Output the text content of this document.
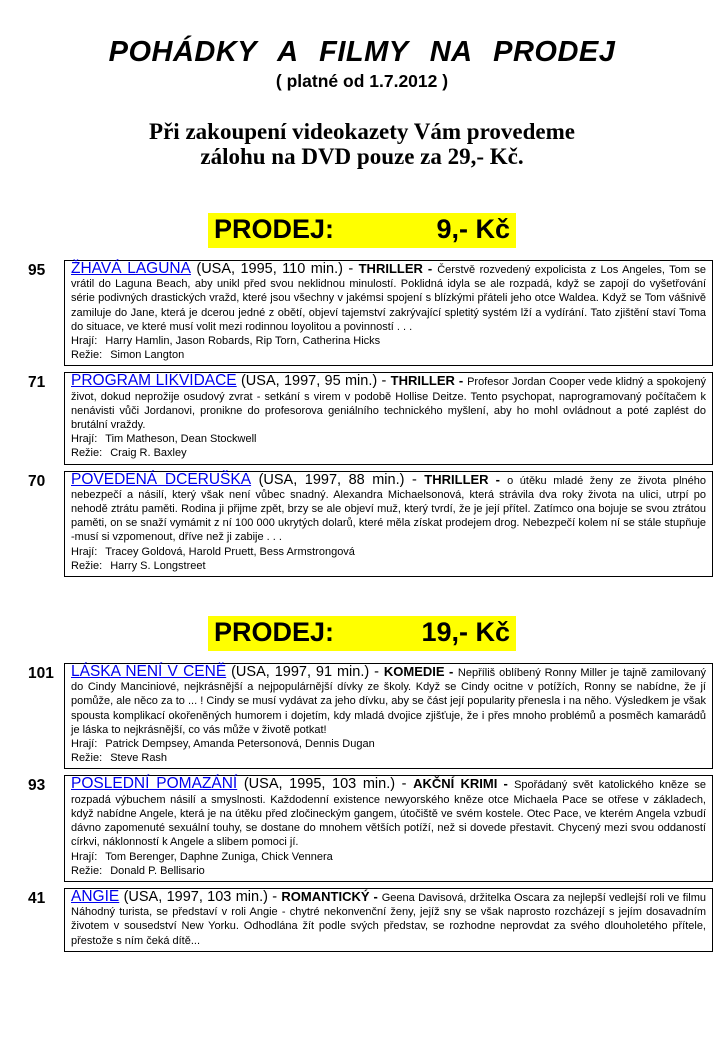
POHÁDKY A FILMY NA PRODEJ
( platné od 1.7.2012 )
Při zakoupení videokazety Vám provedeme
zálohu na DVD pouze za 29,- Kč.
PRODEJ:	9,- Kč
95	ŽHAVÁ LAGUNA (USA, 1995, 110 min.) - THRILLER - Čerstvě rozvedený expolicista z Los Angeles, Tom se vrátil do Laguna Beach, aby unikl před svou neklidnou minulostí. Poklidná idyla se ale rozpadá, když se zapojí do vyšetřování série podivných drastických vražd, které jsou všechny v jakémsi spojení s blízkými přáteli jeho otce Waldea. Když se Tom vášnivě zamiluje do Jane, která je dcerou jedné z obětí, objeví tajemství zakrývající spletitý systém lží a vydírání. Tato zjištění staví Toma do situace, ve které musí volit mezi rodinnou loyolitou a povinností . . .

Hrají: Harry Hamlin, Jason Robards, Rip Torn, Catherina Hicks
Režie: Simon Langton
71	PROGRAM LIKVIDACE (USA, 1997, 95 min.) - THRILLER - Profesor Jordan Cooper vede klidný a spokojený život, dokud neprožije osudový zvrat - setkání s virem v podobě Hollise Deitze. Tento psychopat, naprogramovaný počítačem k nenávisti vůči Jordanovi, pronikne do profesorova geniálního technického myšlení, aby ho mohl ovládnout a poté zaplést do brutální vraždy.

Hrají: Tim Matheson, Dean Stockwell
Režie: Craig R. Baxley
70	POVEDENÁ DCERUŠKA (USA, 1997, 88 min.) - THRILLER - o útěku mladé ženy ze života plného nebezpečí a násilí, který však není vůbec snadný. Alexandra Michaelsonová, která strávila dva roky života na ulici, utrpí po nehodě ztrátu paměti. Rodina ji přijme zpět, brzy se ale objeví muž, který tvrdí, že je její přítel. Zatímco ona bojuje se svou ztrátou paměti, on se snaží vymámit z ní 100 000 ukrytých dolarů, které měla získat prodejem drog. Nebezpečí kolem ní se stále stupňuje -musí si vzpomenout, dříve než ji zabije . . .

Hrají: Tracey Goldová, Harold Pruett, Bess Armstrongová
Režie: Harry S. Longstreet
PRODEJ:	19,- Kč
101	LÁSKA NENÍ V CENĚ (USA, 1997, 91 min.) - KOMEDIE - Nepříliš oblíbený Ronny Miller je tajně zamilovaný do Cindy Manciniové, nejkrásnější a nejpopulárnější dívky ze školy. Když se Cindy ocitne v potížích, Ronny se nabídne, že jí pomůže, ale něco za to ... ! Cindy se musí vydávat za jeho dívku, aby se část její popularity přenesla i na něho. Výsledkem je však spousta komplikací okořeněných humorem i dojetím, kdy mladá dvojice zjišťuje, že i přes mnoho problémů a posměch kamarádů je láska to nejkrásnější, co vás může v životě potkat!

Hrají: Patrick Dempsey, Amanda Petersonová, Dennis Dugan
Režie: Steve Rash
93	POSLEDNÍ POMAZÁNÍ (USA, 1995, 103 min.) - AKČNÍ KRIMI - Spořádaný svět katolického kněze se rozpadá výbuchem násilí a smyslnosti. Každodenní existence newyorského kněze otce Michaela Pace se otřese v základech, když nabídne Angele, která je na útěku před zločineckým gangem, útočiště ve svém kostele. Otec Pace, ve kterém Angela vzbudí dávno zapomenuté sexuální touhy, se dostane do mnohem větších potíží, než si dovede přestavit. Chycený mezi svou oddaností církvi, náklonností k Angele a slibem pomoci jí.

Hrají: Tom Berenger, Daphne Zuniga, Chick Vennera
Režie: Donald P. Bellisario
41	ANGIE (USA, 1997, 103 min.) - ROMANTICKÝ - Geena Davisová, držitelka Oscara za nejlepší vedlejší roli ve filmu Náhodný turista, se představí v roli Angie - chytré nekonvenční ženy, jejíž sny se však naprosto rozcházejí s jejím dosavadním životem v sousedství New Yorku. Odhodlána žít podle svých představ, se rozhodne neprovdat za svého dlouholetého přítele, přestože s ním čeká dítě...
